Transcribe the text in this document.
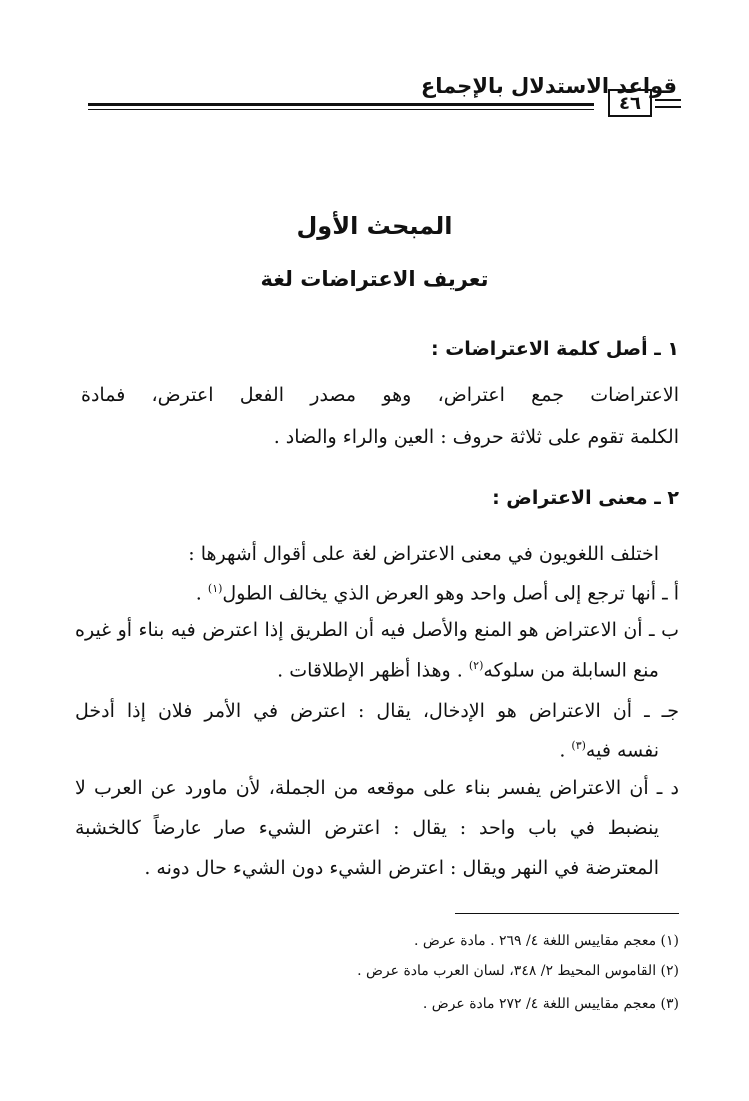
قواعد الاستدلال بالإجماع
٤٦
المبحث الأول
تعريف الاعتراضات لغة
١ ـ أصل كلمة الاعتراضات :
الاعتراضات جمع اعتراض، وهو مصدر الفعل اعترض، فمادة
الكلمة تقوم على ثلاثة حروف : العين والراء والضاد .
٢ ـ معنى الاعتراض :
اختلف اللغويون في معنى الاعتراض لغة على أقوال أشهرها :
أ ـ أنها ترجع إلى أصل واحد وهو العرض الذي يخالف الطول$^{(١)}$ .
ب ـ أن الاعتراض هو المنع والأصل فيه أن الطريق إذا اعترض فيه بناء أو غيره
منع السابلة من سلوكه$^{(٢)}$ . وهذا أظهر الإطلاقات .
جـ ـ أن الاعتراض هو الإدخال، يقال : اعترض في الأمر فلان إذا أدخل
نفسه فيه$^{(٣)}$ .
د ـ أن الاعتراض يفسر بناء على موقعه من الجملة، لأن ماورد عن العرب لا
ينضبط في باب واحد : يقال : اعترض الشيء صار عارضاً كالخشبة
المعترضة في النهر ويقال : اعترض الشيء دون الشيء حال دونه .
(١) معجم مقاييس اللغة ٤/ ٢٦٩ . مادة عرض .
(٢) القاموس المحيط ٢/ ٣٤٨، لسان العرب مادة عرض .
(٣) معجم مقاييس اللغة ٤/ ٢٧٢ مادة عرض .
